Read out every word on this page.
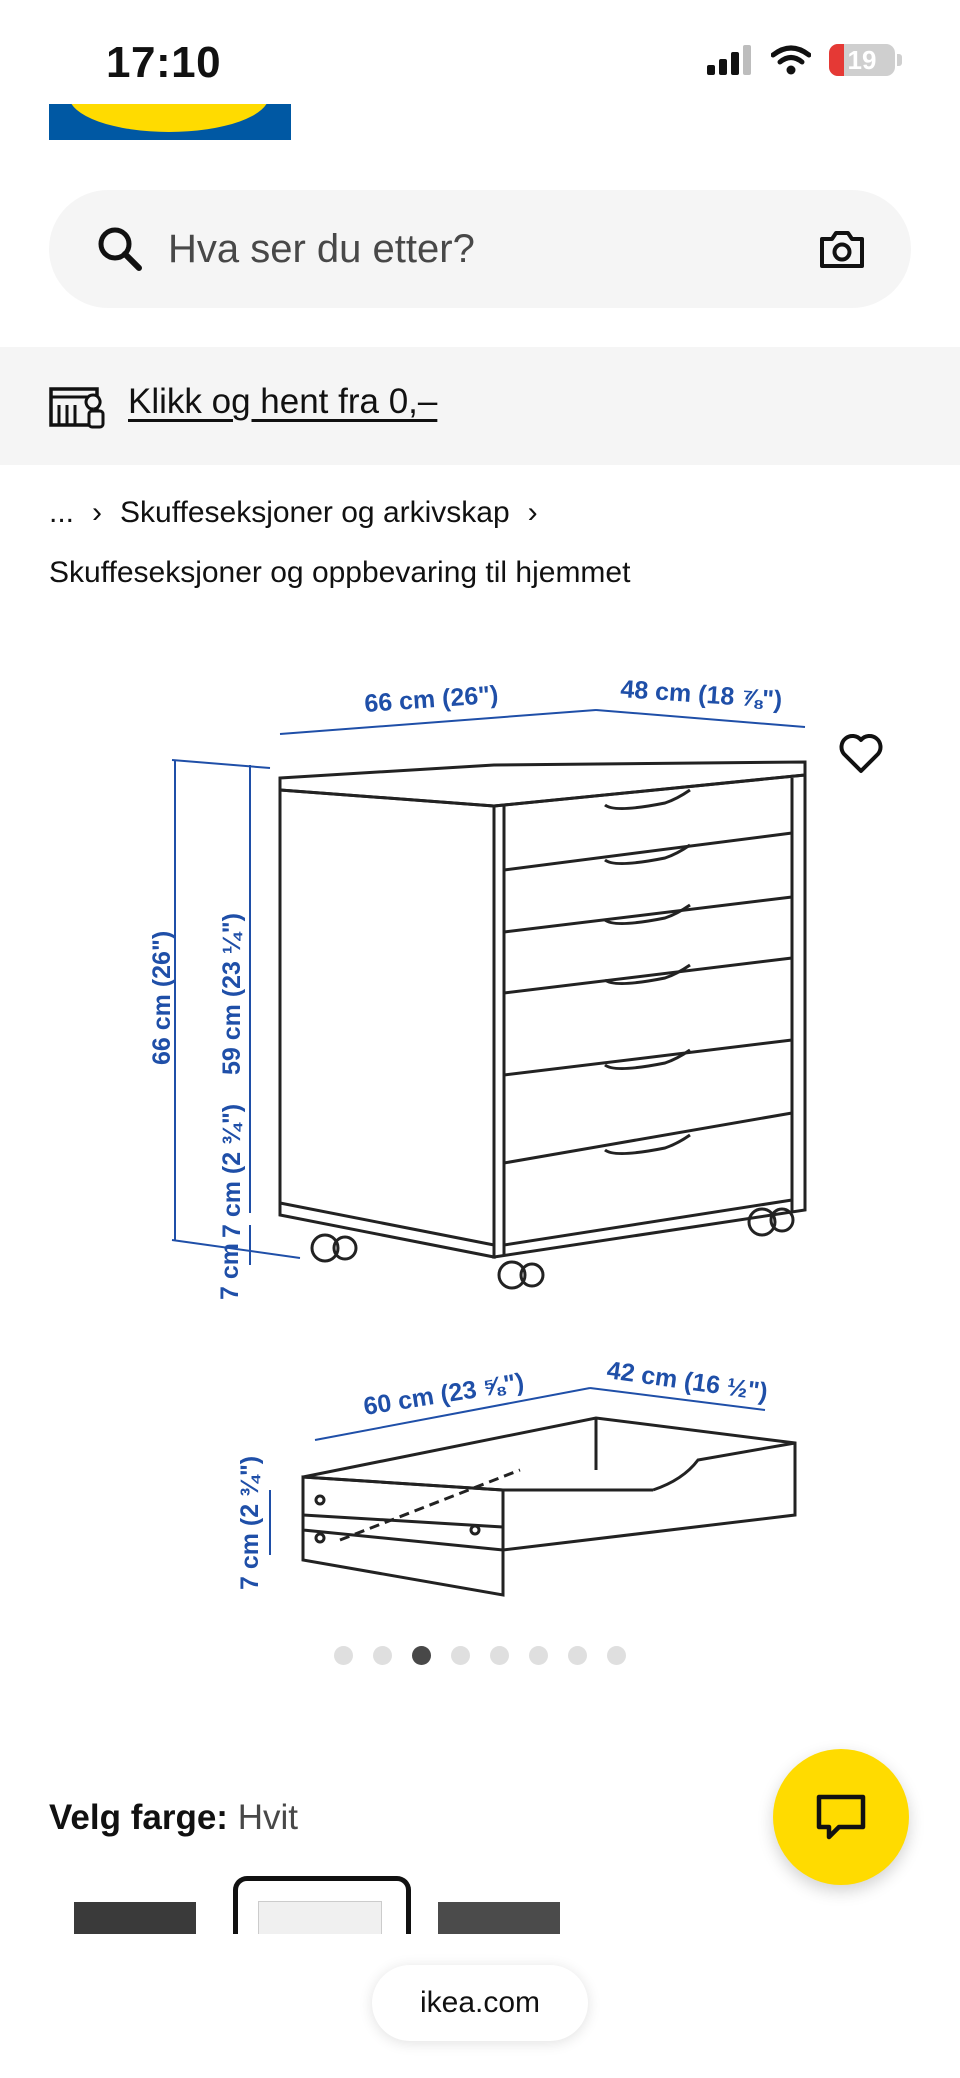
17:10	19
Hva ser du etter?
Klikk og hent fra 0,–
... › Skuffeseksjoner og arkivskap ›
Skuffeseksjoner og oppbevaring til hjemmet
66 cm (26")	48 cm (18 ⅞")
66 cm (26") 59 cm (23 ¼")
7 cm (2 ¾")
7 cm
60 cm (23 ⅝")	42 cm (16 ½")
7 cm (2 ¾")
Velg farge: Hvit
ikea.com
